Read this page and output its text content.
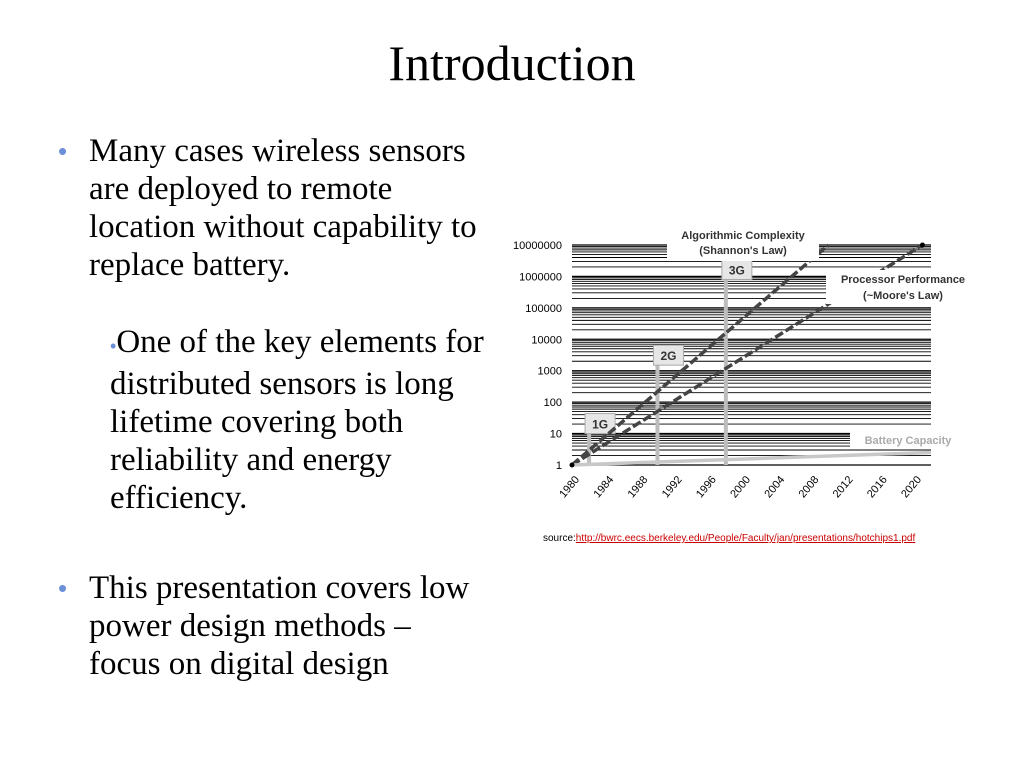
Introduction
• Many cases wireless sensors are deployed to remote location without capability to replace battery.
•One of the key elements for distributed sensors is long lifetime covering both reliability and energy efficiency.
• This presentation covers low power design methods – focus on digital design
1
10
100
1000
10000
100000
1000000
10000000
1980 1984 1988 1992 1996 2000 2004 2008 2012 2016 2020
1G
2G
3G
Algorithmic Complexity
(Shannon's Law)
Processor Performance
(~Moore's Law)
Battery Capacity
source:http://bwrc.eecs.berkeley.edu/People/Faculty/jan/presentations/hotchips1.pdf
